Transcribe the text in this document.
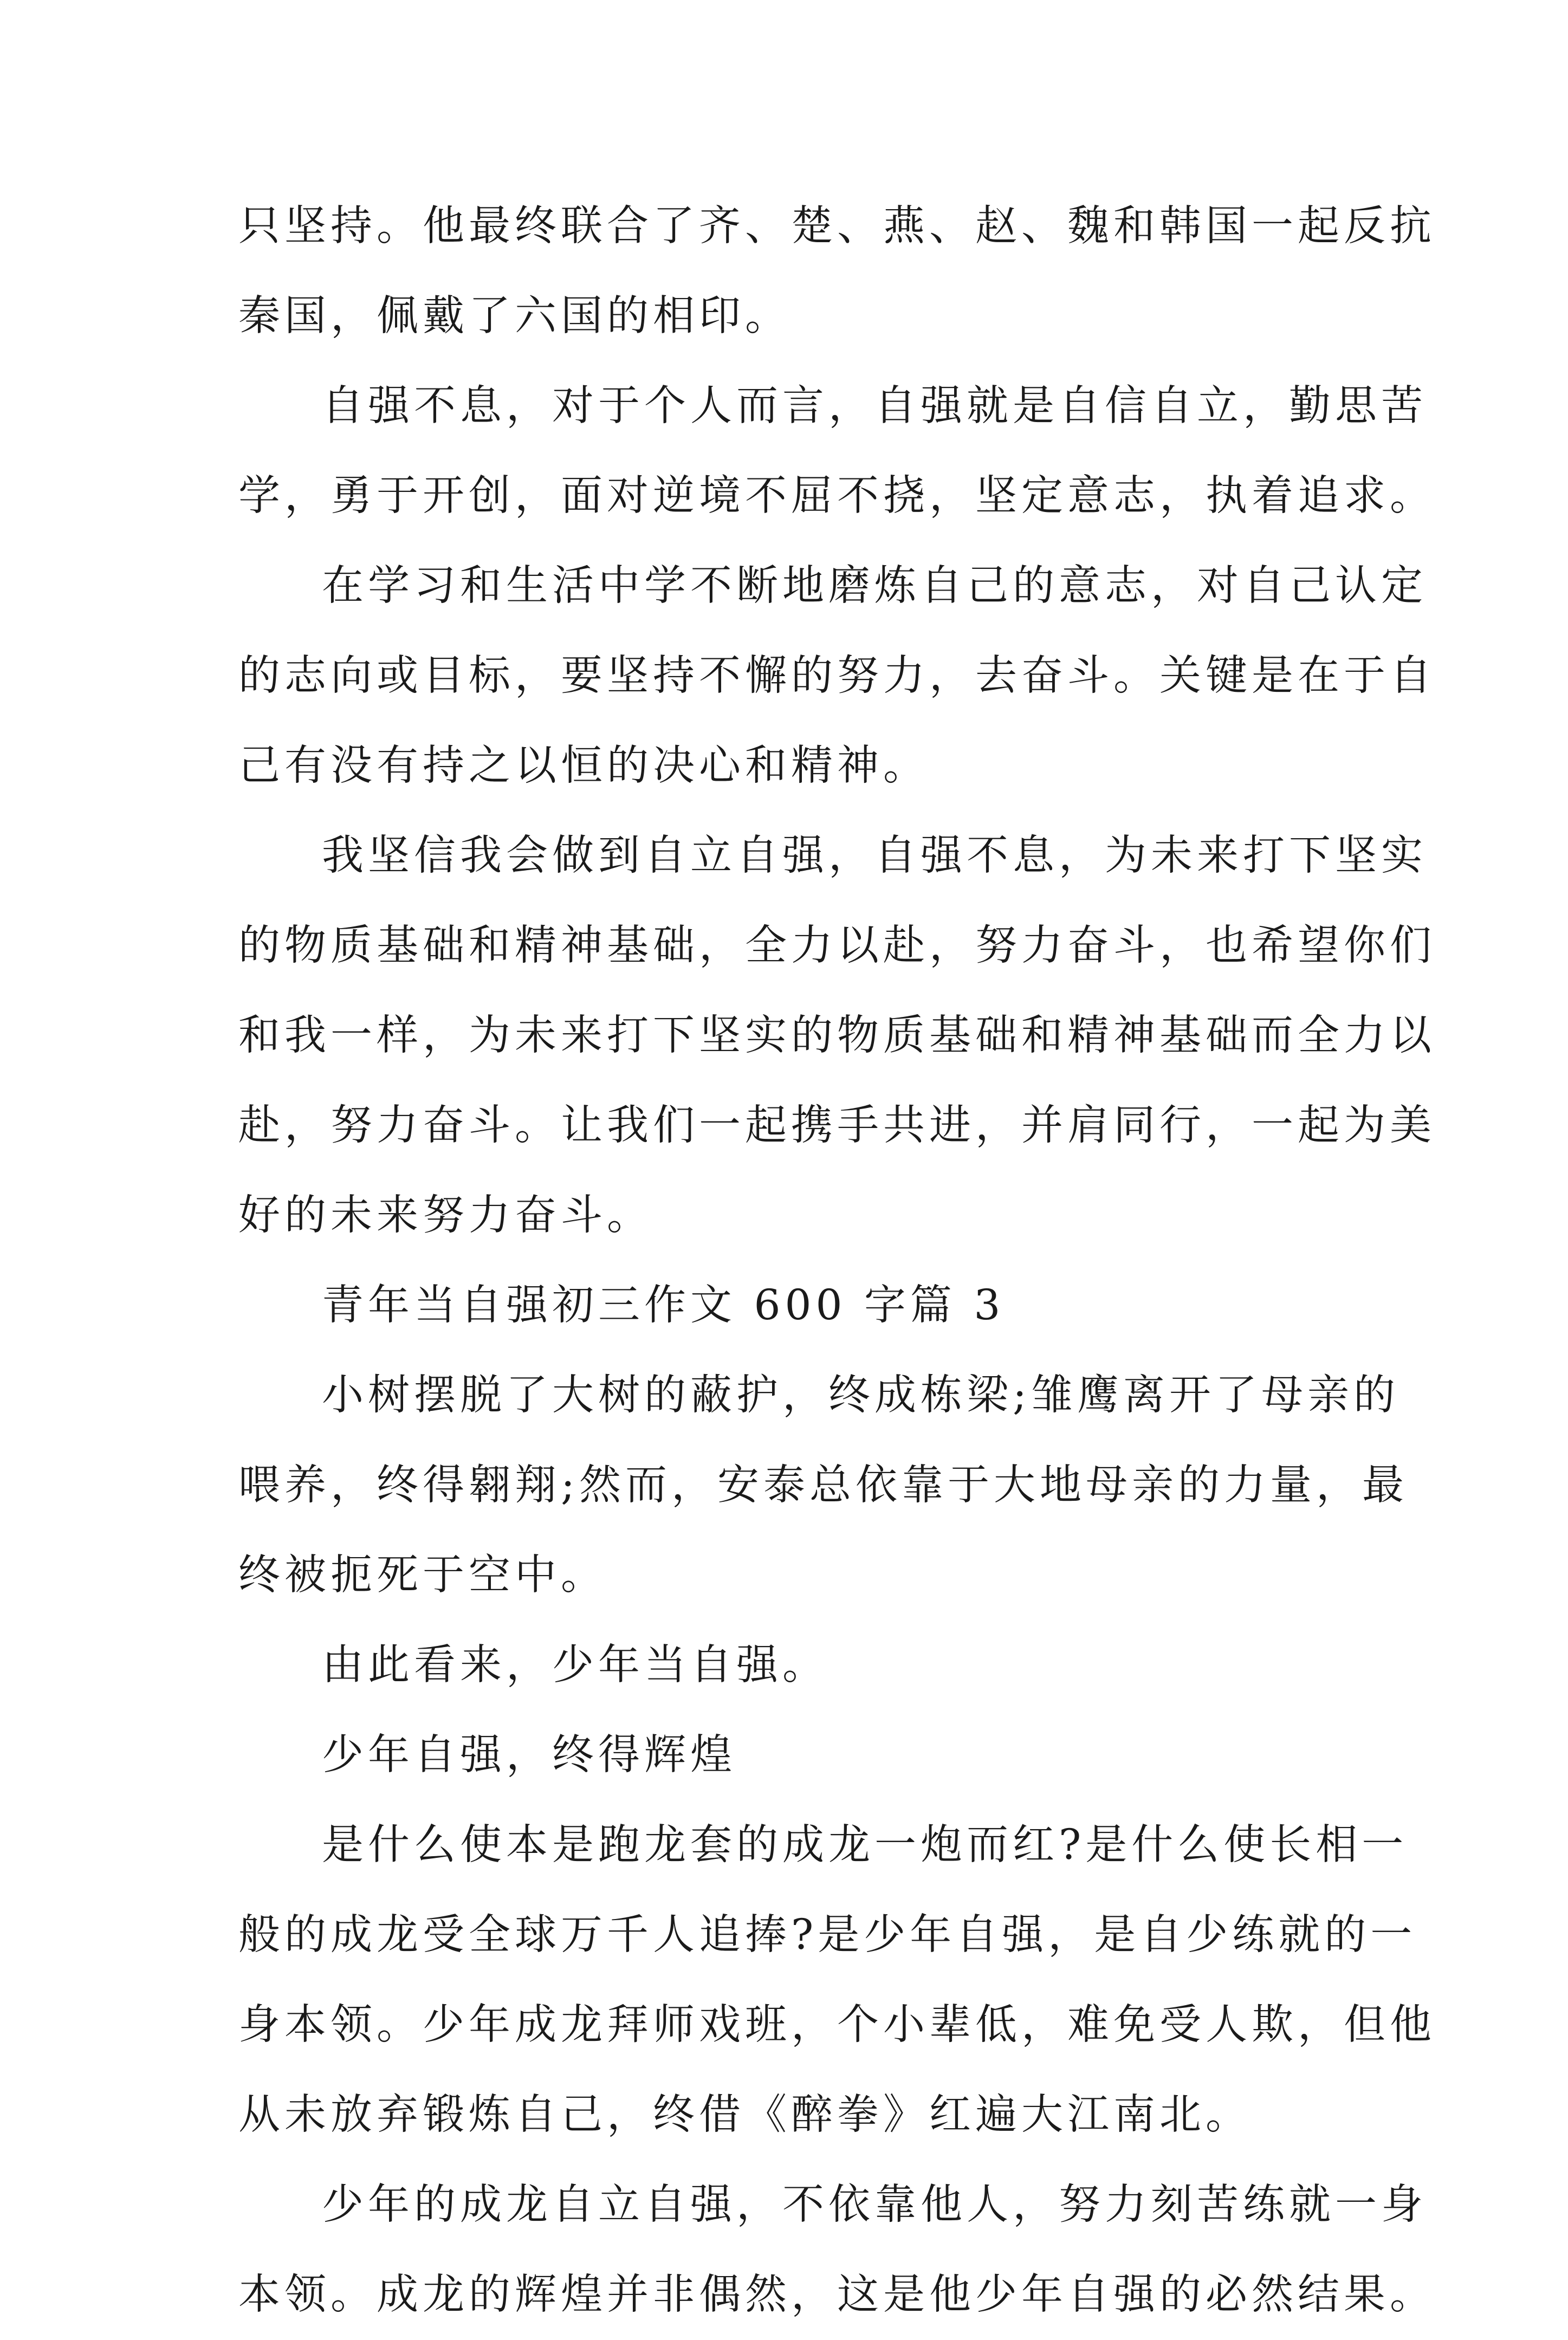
只坚持。他最终联合了齐、楚、燕、赵、魏和韩国一起反抗
秦国，佩戴了六国的相印。

自强不息，对于个人而言，自强就是自信自立，勤思苦
学，勇于开创，面对逆境不屈不挠，坚定意志，执着追求。

在学习和生活中学不断地磨炼自己的意志，对自己认定
的志向或目标，要坚持不懈的努力，去奋斗。关键是在于自
己有没有持之以恒的决心和精神。

我坚信我会做到自立自强，自强不息，为未来打下坚实
的物质基础和精神基础，全力以赴，努力奋斗，也希望你们
和我一样，为未来打下坚实的物质基础和精神基础而全力以
赴，努力奋斗。让我们一起携手共进，并肩同行，一起为美
好的未来努力奋斗。

青年当自强初三作文 600 字篇 3

小树摆脱了大树的蔽护，终成栋梁;雏鹰离开了母亲的
喂养，终得翱翔;然而，安泰总依靠于大地母亲的力量，最
终被扼死于空中。

由此看来，少年当自强。

少年自强，终得辉煌

是什么使本是跑龙套的成龙一炮而红?是什么使长相一
般的成龙受全球万千人追捧?是少年自强，是自少练就的一
身本领。少年成龙拜师戏班，个小辈低，难免受人欺，但他
从未放弃锻炼自己，终借《醉拳》红遍大江南北。

少年的成龙自立自强，不依靠他人，努力刻苦练就一身
本领。成龙的辉煌并非偶然，这是他少年自强的必然结果。
